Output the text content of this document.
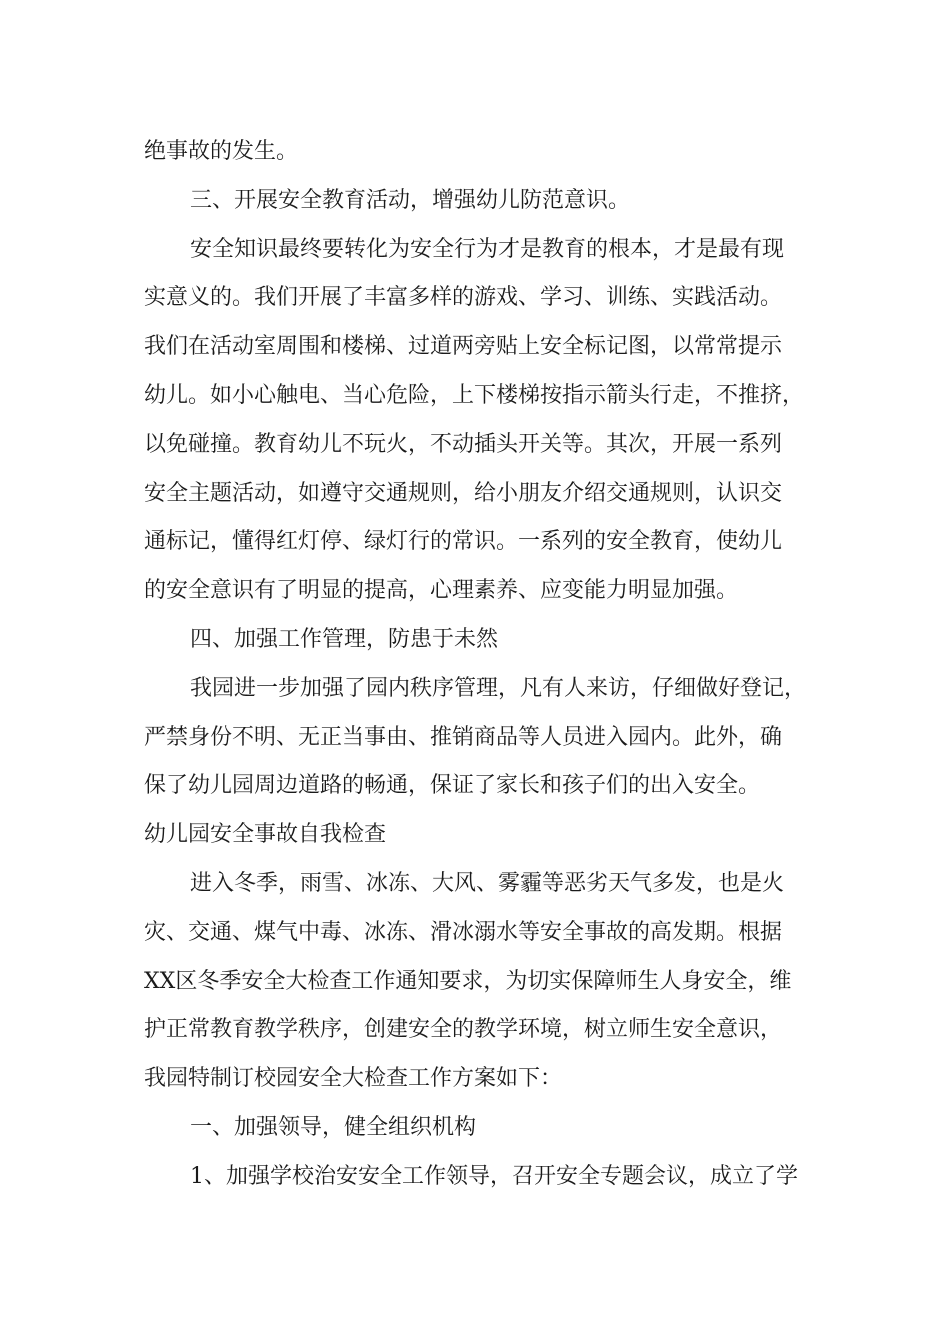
绝事故的发生。
三、开展安全教育活动，增强幼儿防范意识。
安全知识最终要转化为安全行为才是教育的根本，才是最有现
实意义的。我们开展了丰富多样的游戏、学习、训练、实践活动。
我们在活动室周围和楼梯、过道两旁贴上安全标记图，以常常提示
幼儿。如小心触电、当心危险，上下楼梯按指示箭头行走，不推挤，
以免碰撞。教育幼儿不玩火，不动插头开关等。其次，开展一系列
安全主题活动，如遵守交通规则，给小朋友介绍交通规则，认识交
通标记，懂得红灯停、绿灯行的常识。一系列的安全教育，使幼儿
的安全意识有了明显的提高，心理素养、应变能力明显加强。
四、加强工作管理，防患于未然
我园进一步加强了园内秩序管理，凡有人来访，仔细做好登记，
严禁身份不明、无正当事由、推销商品等人员进入园内。此外，确
保了幼儿园周边道路的畅通，保证了家长和孩子们的出入安全。
幼儿园安全事故自我检查
进入冬季，雨雪、冰冻、大风、雾霾等恶劣天气多发，也是火
灾、交通、煤气中毒、冰冻、滑冰溺水等安全事故的高发期。根据
XX区冬季安全大检查工作通知要求，为切实保障师生人身安全，维
护正常教育教学秩序，创建安全的教学环境，树立师生安全意识，
我园特制订校园安全大检查工作方案如下：
一、加强领导，健全组织机构
1、加强学校治安安全工作领导，召开安全专题会议，成立了学
